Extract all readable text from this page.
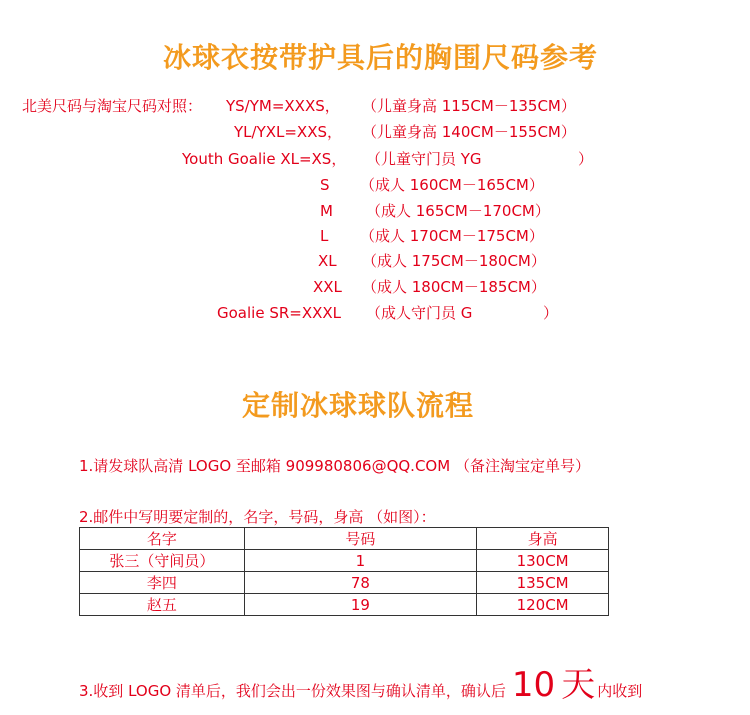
冰球衣按带护具后的胸围尺码参考
北美尺码与淘宝尺码对照： YS/YM=XXXS， （儿童身高 115CM－135CM）
YL/YXL=XXS， （儿童身高 140CM－155CM）
Youth Goalie XL=XS， （儿童守门员 YG	）
S （成人 160CM－165CM）
M （成人 165CM－170CM）
L （成人 170CM－175CM）
XL （成人 175CM－180CM）
XXL （成人 180CM－185CM）
Goalie SR=XXXL （成人守门员 G	）
定制冰球球队流程
1.请发球队高清 LOGO 至邮箱 909980806@QQ.COM （备注淘宝定单号）
2.邮件中写明要定制的，名字，号码，身高 （如图）：
名字	号码	身高
张三（守间员）	1	130CM
李四	78	135CM
赵五	19	120CM
3.收到 LOGO 清单后，我们会出一份效果图与确认清单，确认后 10 天 内收到
